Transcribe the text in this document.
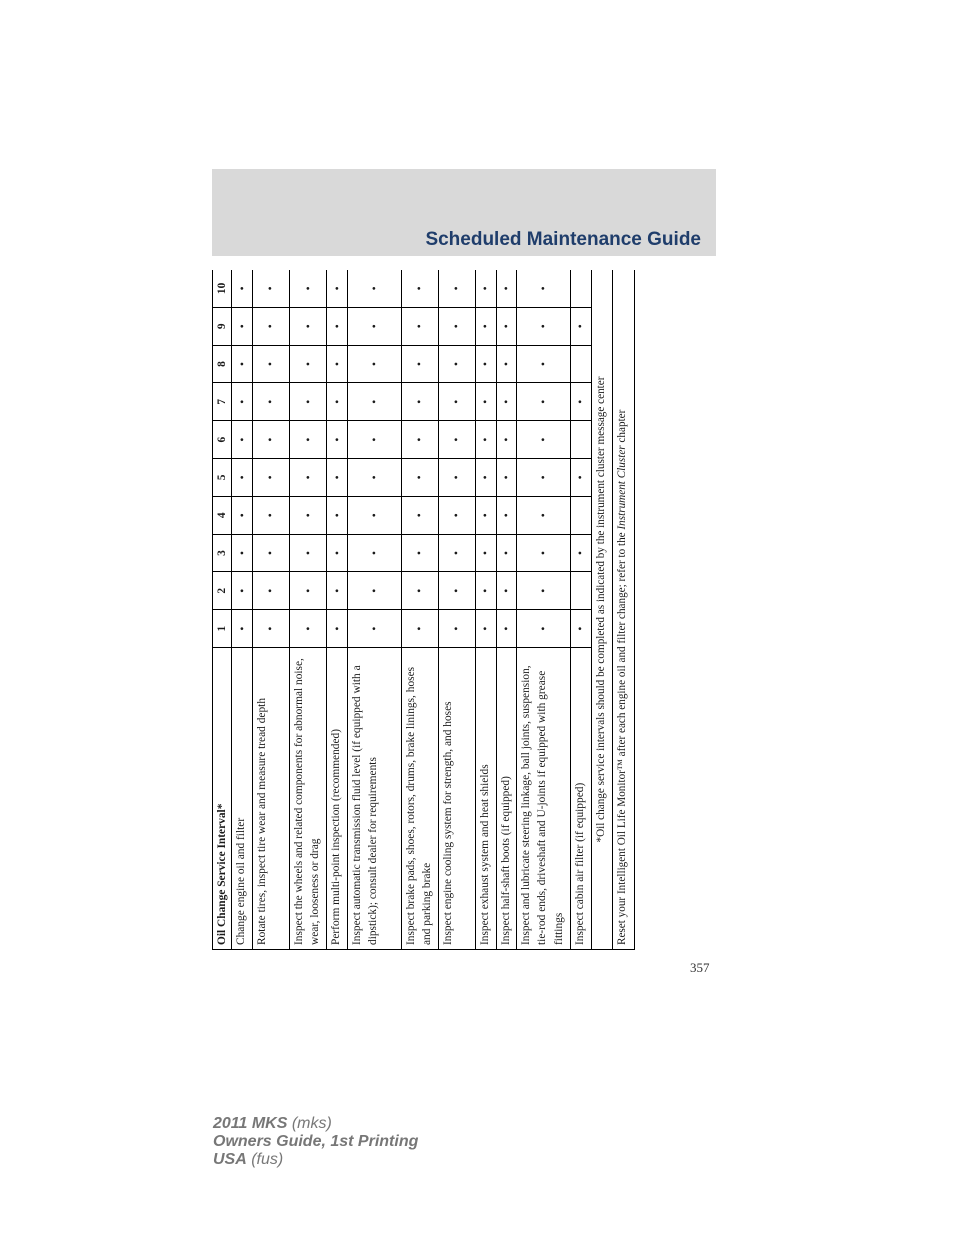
Scheduled Maintenance Guide
Oil Change Service Interval*	1	2	3	4	5	6	7	8	9	10
Change engine oil and filter	•	•	•	•	•	•	•	•	•	•
Rotate tires, inspect tire wear and measure tread depth	•	•	•	•	•	•	•	•	•	•
Inspect the wheels and related components for abnormal noise, wear, looseness or drag	•	•	•	•	•	•	•	•	•	•
Perform multi-point inspection (recommended)	•	•	•	•	•	•	•	•	•	•
Inspect automatic transmission fluid level (if equipped with a dipstick); consult dealer for requirements	•	•	•	•	•	•	•	•	•	•
Inspect brake pads, shoes, rotors, drums, brake linings, hoses and parking brake	•	•	•	•	•	•	•	•	•	•
Inspect engine cooling system for strength, and hoses	•	•	•	•	•	•	•	•	•	•
Inspect exhaust system and heat shields	•	•	•	•	•	•	•	•	•	•
Inspect half-shaft boots (if equipped)	•	•	•	•	•	•	•	•	•	•
Inspect and lubricate steering linkage, ball joints, suspension, tie-rod ends, driveshaft and U-joints if equipped with grease fittings	•	•	•	•	•	•	•	•	•	•
Inspect cabin air filter (if equipped)	•		•		•		•		•	
*Oil change service intervals should be completed as indicated by the instrument cluster message center										
Reset your Intelligent Oil Life Monitor™ after each engine oil and filter change; refer to the Instrument Cluster chapter										
357
2011 MKS (mks)
Owners Guide, 1st Printing
USA (fus)
